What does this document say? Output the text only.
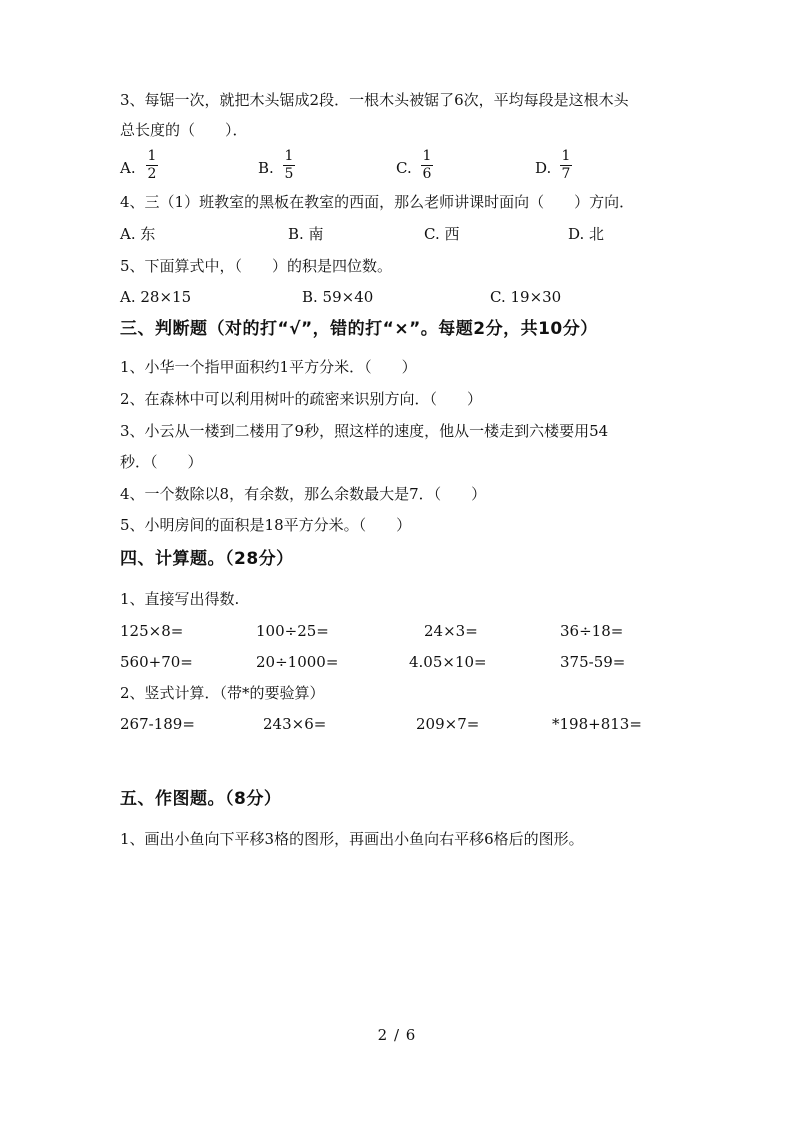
3、每锯一次，就把木头锯成2段．一根木头被锯了6次，平均每段是这根木头
总长度的（　　）．
A. $\frac{1}{2}$	B. $\frac{1}{5}$	C. $\frac{1}{6}$	D. $\frac{1}{7}$
4、三（1）班教室的黑板在教室的西面，那么老师讲课时面向（　　）方向．
A. 东	B. 南	C. 西	D. 北
5、下面算式中，（　　）的积是四位数。
A. 28×15	B. 59×40	C. 19×30
三、判断题（对的打“√”，错的打“×”。每题2分，共10分）
1、小华一个指甲面积约1平方分米．（　　）
2、在森林中可以利用树叶的疏密来识别方向．（　　）
3、小云从一楼到二楼用了9秒，照这样的速度，他从一楼走到六楼要用54
秒．（　　）
4、一个数除以8，有余数，那么余数最大是7．（　　）
5、小明房间的面积是18平方分米。（　　）
四、计算题。（28分）
1、直接写出得数.
125×8=	100÷25=	24×3=	36÷18=
560+70=	20÷1000=	4.05×10=	375-59=
2、竖式计算．（带*的要验算）
267-189=	243×6=	209×7=	*198+813=
五、作图题。（8分）
1、画出小鱼向下平移3格的图形，再画出小鱼向右平移6格后的图形。
2 / 6
